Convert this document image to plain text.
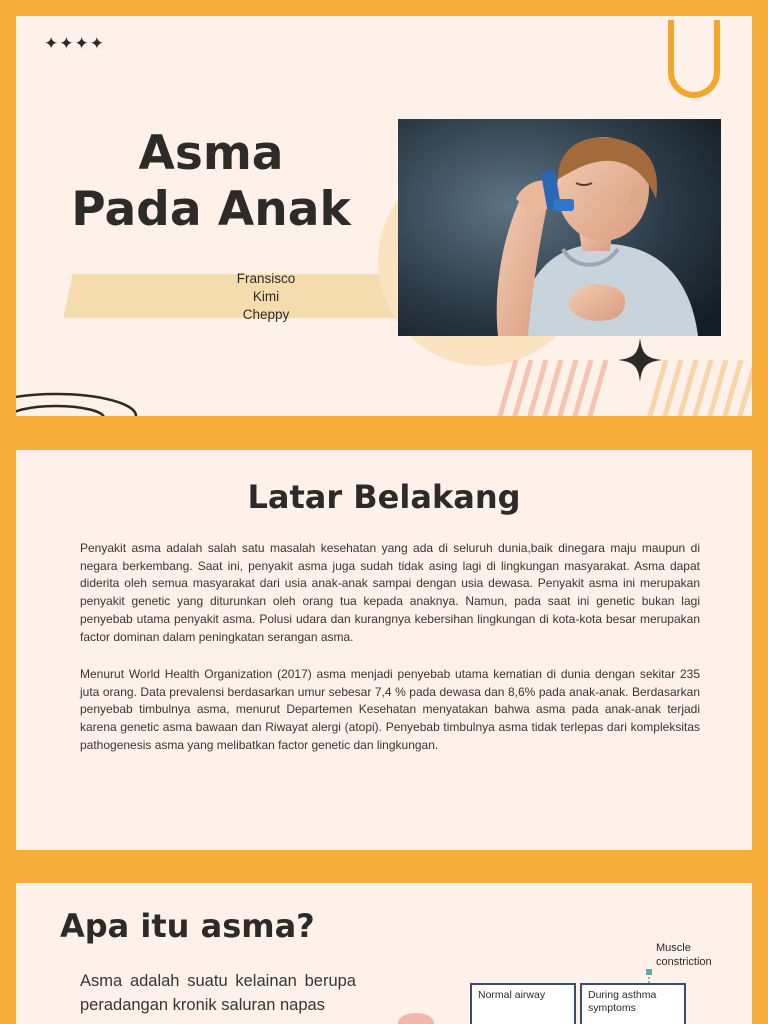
✦✦✦✦
Asma
Pada Anak
Fransisco
Kimi
Cheppy
Latar Belakang

Penyakit asma adalah salah satu masalah kesehatan yang ada di seluruh dunia,baik dinegara maju maupun di negara berkembang. Saat ini, penyakit asma juga sudah tidak asing lagi di lingkungan masyarakat. Asma dapat diderita oleh semua masyarakat dari usia anak-anak sampai dengan usia dewasa. Penyakit asma ini merupakan penyakit genetic yang diturunkan oleh orang tua kepada anaknya. Namun, pada saat ini genetic bukan lagi penyebab utama penyakit asma. Polusi udara dan kurangnya kebersihan lingkungan di kota-kota besar merupakan factor dominan dalam peningkatan serangan asma.

Menurut World Health Organization (2017) asma menjadi penyebab utama kematian di dunia dengan sekitar 235 juta orang. Data prevalensi berdasarkan umur sebesar 7,4 % pada dewasa dan 8,6% pada anak-anak. Berdasarkan penyebab timbulnya asma, menurut Departemen Kesehatan menyatakan bahwa asma pada anak-anak terjadi karena genetic asma bawaan dan Riwayat alergi (atopi). Penyebab timbulnya asma tidak terlepas dari kompleksitas pathogenesis asma yang melibatkan factor genetic dan lingkungan.

Apa itu asma?

Asma adalah suatu kelainan berupa peradangan kronik saluran napas

Muscle
constriction
Normal airway	During asthma
symptoms
